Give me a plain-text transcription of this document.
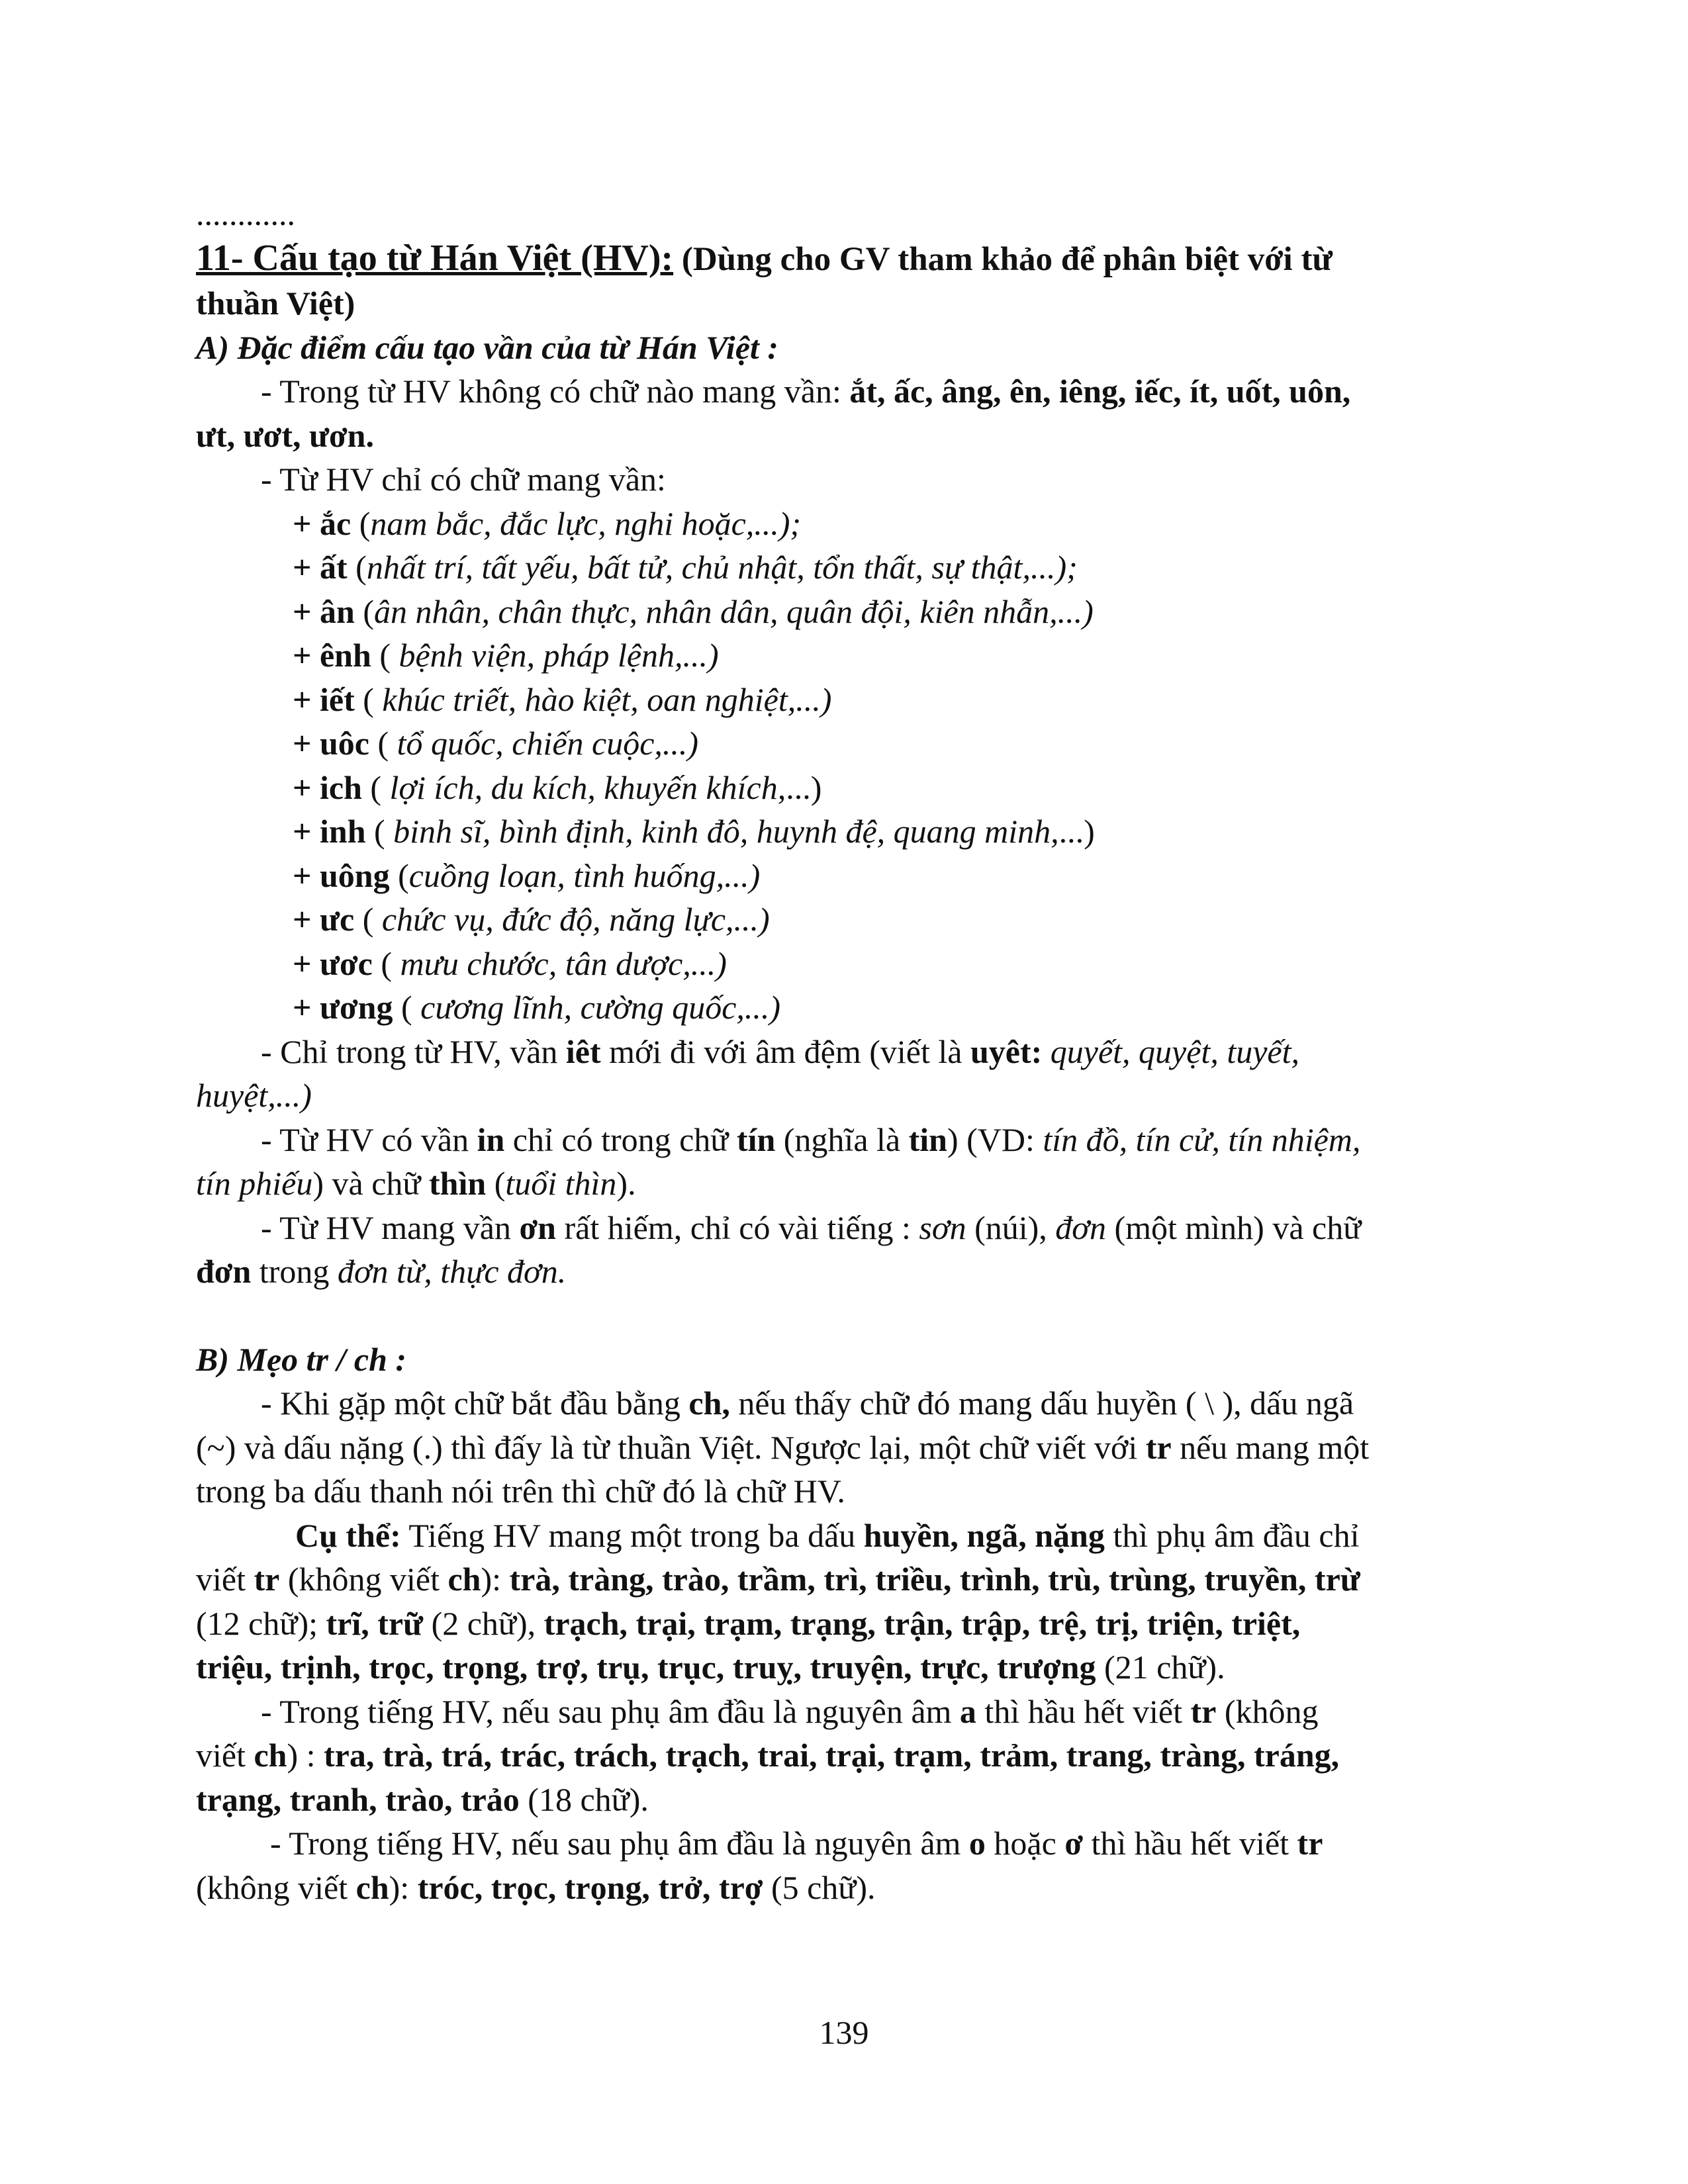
............
11- Cấu tạo từ Hán Việt (HV): (Dùng cho GV tham khảo để phân biệt với từ
thuần Việt)
A) Đặc điểm cấu tạo vần của từ Hán Việt :
- Trong từ HV không có chữ nào mang vần: ắt, ấc, âng, ên, iêng, iếc, ít, uốt, uôn,
ưt, ươt, ươn.
- Từ HV chỉ có chữ mang vần:
+ ắc (nam bắc, đắc lực, nghi hoặc,...);
+ ất (nhất trí, tất yếu, bất tử, chủ nhật, tổn thất, sự thật,...);
+ ân (ân nhân, chân thực, nhân dân, quân đội, kiên nhẫn,...)
+ ênh ( bệnh viện, pháp lệnh,...)
+ iết ( khúc triết, hào kiệt, oan nghiệt,...)
+ uôc ( tổ quốc, chiến cuộc,...)
+ ich ( lợi ích, du kích, khuyến khích,...)
+ inh ( binh sĩ, bình định, kinh đô, huynh đệ, quang minh,...)
+ uông (cuồng loạn, tình huống,...)
+ ưc ( chức vụ, đức độ, năng lực,...)
+ ươc ( mưu chước, tân dược,...)
+ ương ( cương lĩnh, cường quốc,...)
- Chỉ trong từ HV, vần iêt mới đi với âm đệm (viết là uyêt: quyết, quyệt, tuyết,
huyệt,...)
- Từ HV có vần in chỉ có trong chữ tín (nghĩa là tin) (VD: tín đồ, tín cử, tín nhiệm,
tín phiếu) và chữ thìn (tuổi thìn).
- Từ HV mang vần ơn rất hiếm, chỉ có vài tiếng : sơn (núi), đơn (một mình) và chữ
đơn trong đơn từ, thực đơn.
B) Mẹo tr / ch :
- Khi gặp một chữ bắt đầu bằng ch, nếu thấy chữ đó mang dấu huyền ( \ ), dấu ngã
(~) và dấu nặng (.) thì đấy là từ thuần Việt. Ngược lại, một chữ viết với tr nếu mang một
trong ba dấu thanh nói trên thì chữ đó là chữ HV.
Cụ thể: Tiếng HV mang một trong ba dấu huyền, ngã, nặng thì phụ âm đầu chỉ
viết tr (không viết ch): trà, tràng, trào, trầm, trì, triều, trình, trù, trùng, truyền, trừ
(12 chữ); trĩ, trữ (2 chữ), trạch, trại, trạm, trạng, trận, trập, trệ, trị, triện, triệt,
triệu, trịnh, trọc, trọng, trợ, trụ, trục, truỵ, truyện, trực, trượng (21 chữ).
- Trong tiếng HV, nếu sau phụ âm đầu là nguyên âm a thì hầu hết viết tr (không
viết ch) : tra, trà, trá, trác, trách, trạch, trai, trại, trạm, trảm, trang, tràng, tráng,
trạng, tranh, trào, trảo (18 chữ).
- Trong tiếng HV, nếu sau phụ âm đầu là nguyên âm o hoặc ơ thì hầu hết viết tr
(không viết ch): tróc, trọc, trọng, trở, trợ (5 chữ).
139
